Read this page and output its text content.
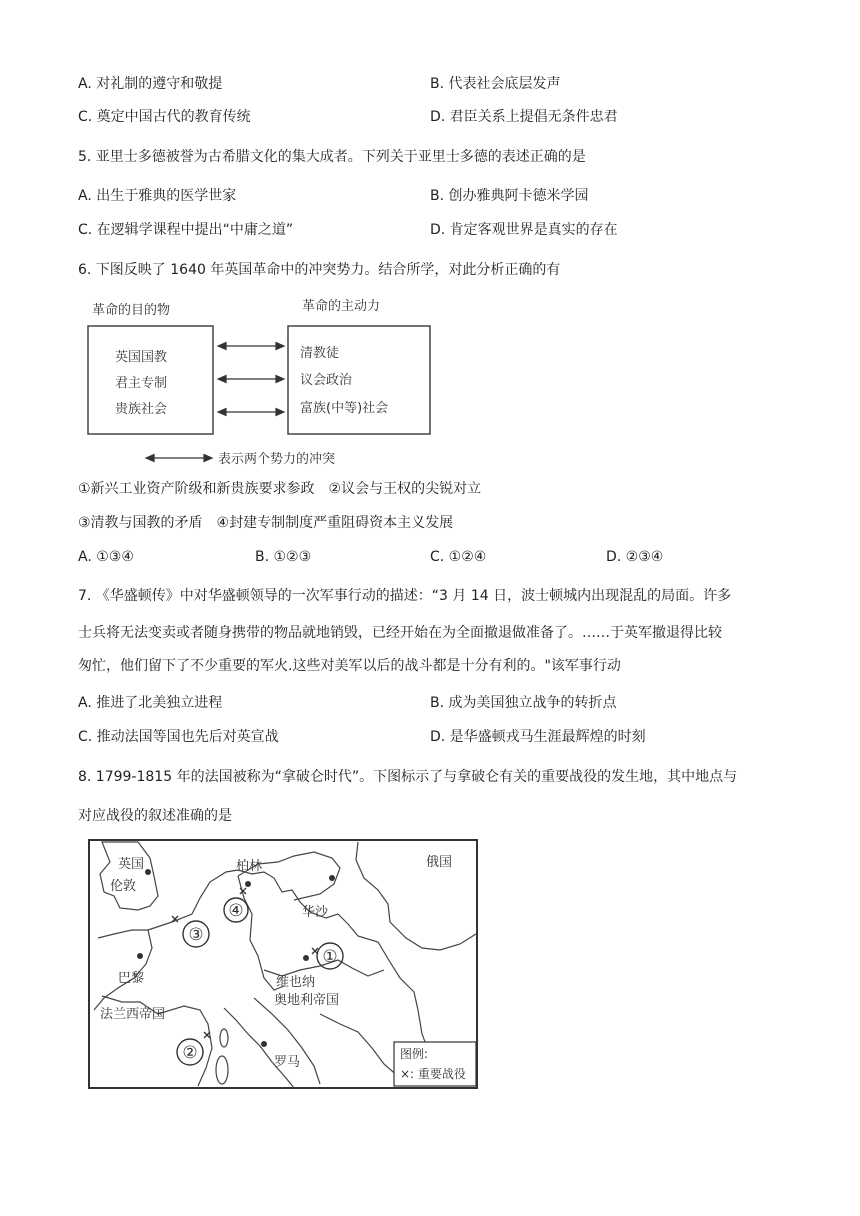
A. 对礼制的遵守和敬提	B. 代表社会底层发声
C. 奠定中国古代的教育传统	D. 君臣关系上提倡无条件忠君
5. 亚里士多德被誉为古希腊文化的集大成者。下列关于亚里士多德的表述正确的是
A. 出生于雅典的医学世家	B. 创办雅典阿卡德米学园
C. 在逻辑学课程中提出“中庸之道”	D. 肯定客观世界是真实的存在
6. 下图反映了 1640 年英国革命中的冲突势力。结合所学，对此分析正确的有
革命的目的物	革命的主动力
英国国教
君主专制
贵族社会
清教徒
议会政治
富族(中等)社会
表示两个势力的冲突
①新兴工业资产阶级和新贵族要求参政　②议会与王权的尖锐对立
③清教与国教的矛盾　④封建专制制度严重阻碍资本主义发展
A. ①③④	B. ①②③	C. ①②④	D. ②③④
7. 《华盛顿传》中对华盛顿领导的一次军事行动的描述：“3 月 14 日，波士顿城内出现混乱的局面。许多
士兵将无法变卖或者随身携带的物品就地销毁，已经开始在为全面撤退做准备了。……于英军撤退得比较
匆忙，他们留下了不少重要的军火.这些对美军以后的战斗都是十分有利的。"该军事行动
A. 推进了北美独立进程	B. 成为美国独立战争的转折点
C. 推动法国等国也先后对英宣战	D. 是华盛顿戎马生涯最辉煌的时刻
8. 1799-1815 年的法国被称为“拿破仑时代”。下图标示了与拿破仑有关的重要战役的发生地，其中地点与
对应战役的叙述准确的是
英国
伦敦
俄国
柏林
华沙
巴黎
法兰西帝国
维也纳
奥地利帝国
罗马
①
②
③
④
图例:
×: 重要战役
